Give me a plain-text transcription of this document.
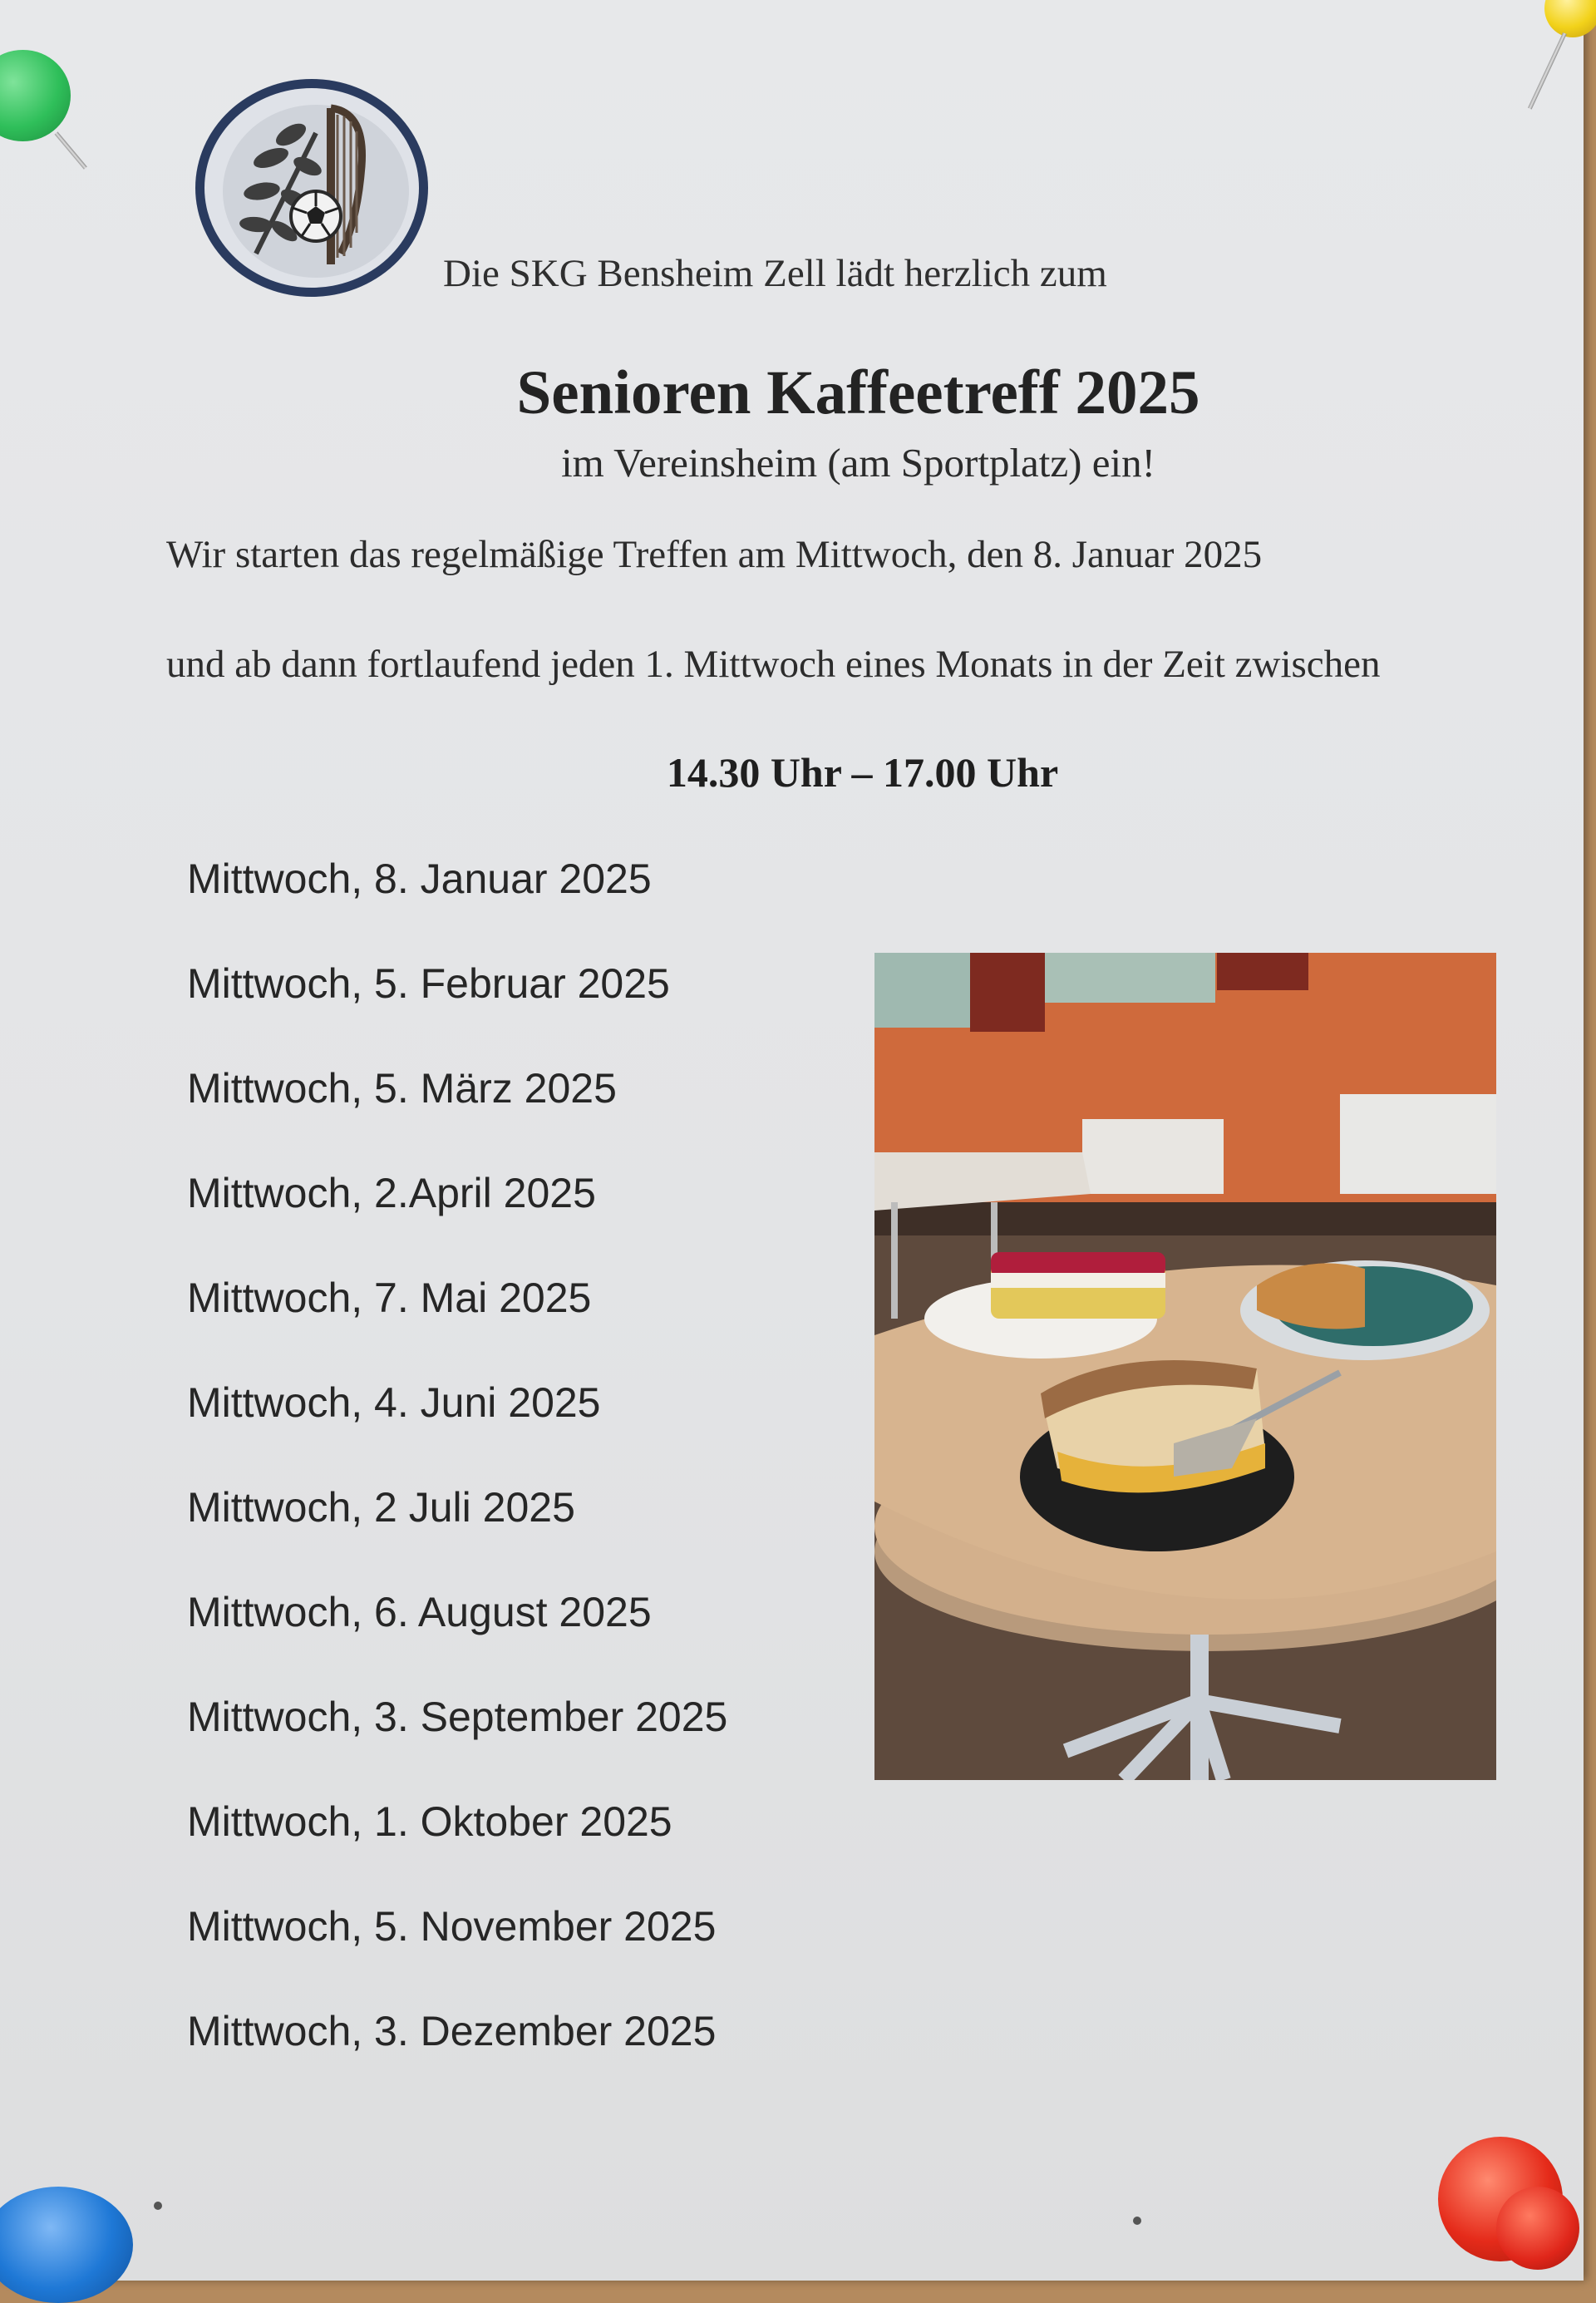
Die SKG Bensheim Zell lädt herzlich zum
Senioren Kaffeetreff 2025
im Vereinsheim (am Sportplatz) ein!
Wir starten das regelmäßige Treffen am Mittwoch, den 8. Januar 2025
und ab dann fortlaufend jeden 1. Mittwoch eines Monats in der Zeit zwischen
14.30 Uhr – 17.00 Uhr
Mittwoch, 8. Januar 2025
Mittwoch, 5. Februar 2025
Mittwoch, 5. März 2025
Mittwoch, 2.April 2025
Mittwoch, 7. Mai 2025
Mittwoch, 4. Juni 2025
Mittwoch, 2 Juli 2025
Mittwoch, 6. August 2025
Mittwoch, 3. September 2025
Mittwoch, 1. Oktober 2025
Mittwoch, 5. November 2025
Mittwoch, 3. Dezember 2025
